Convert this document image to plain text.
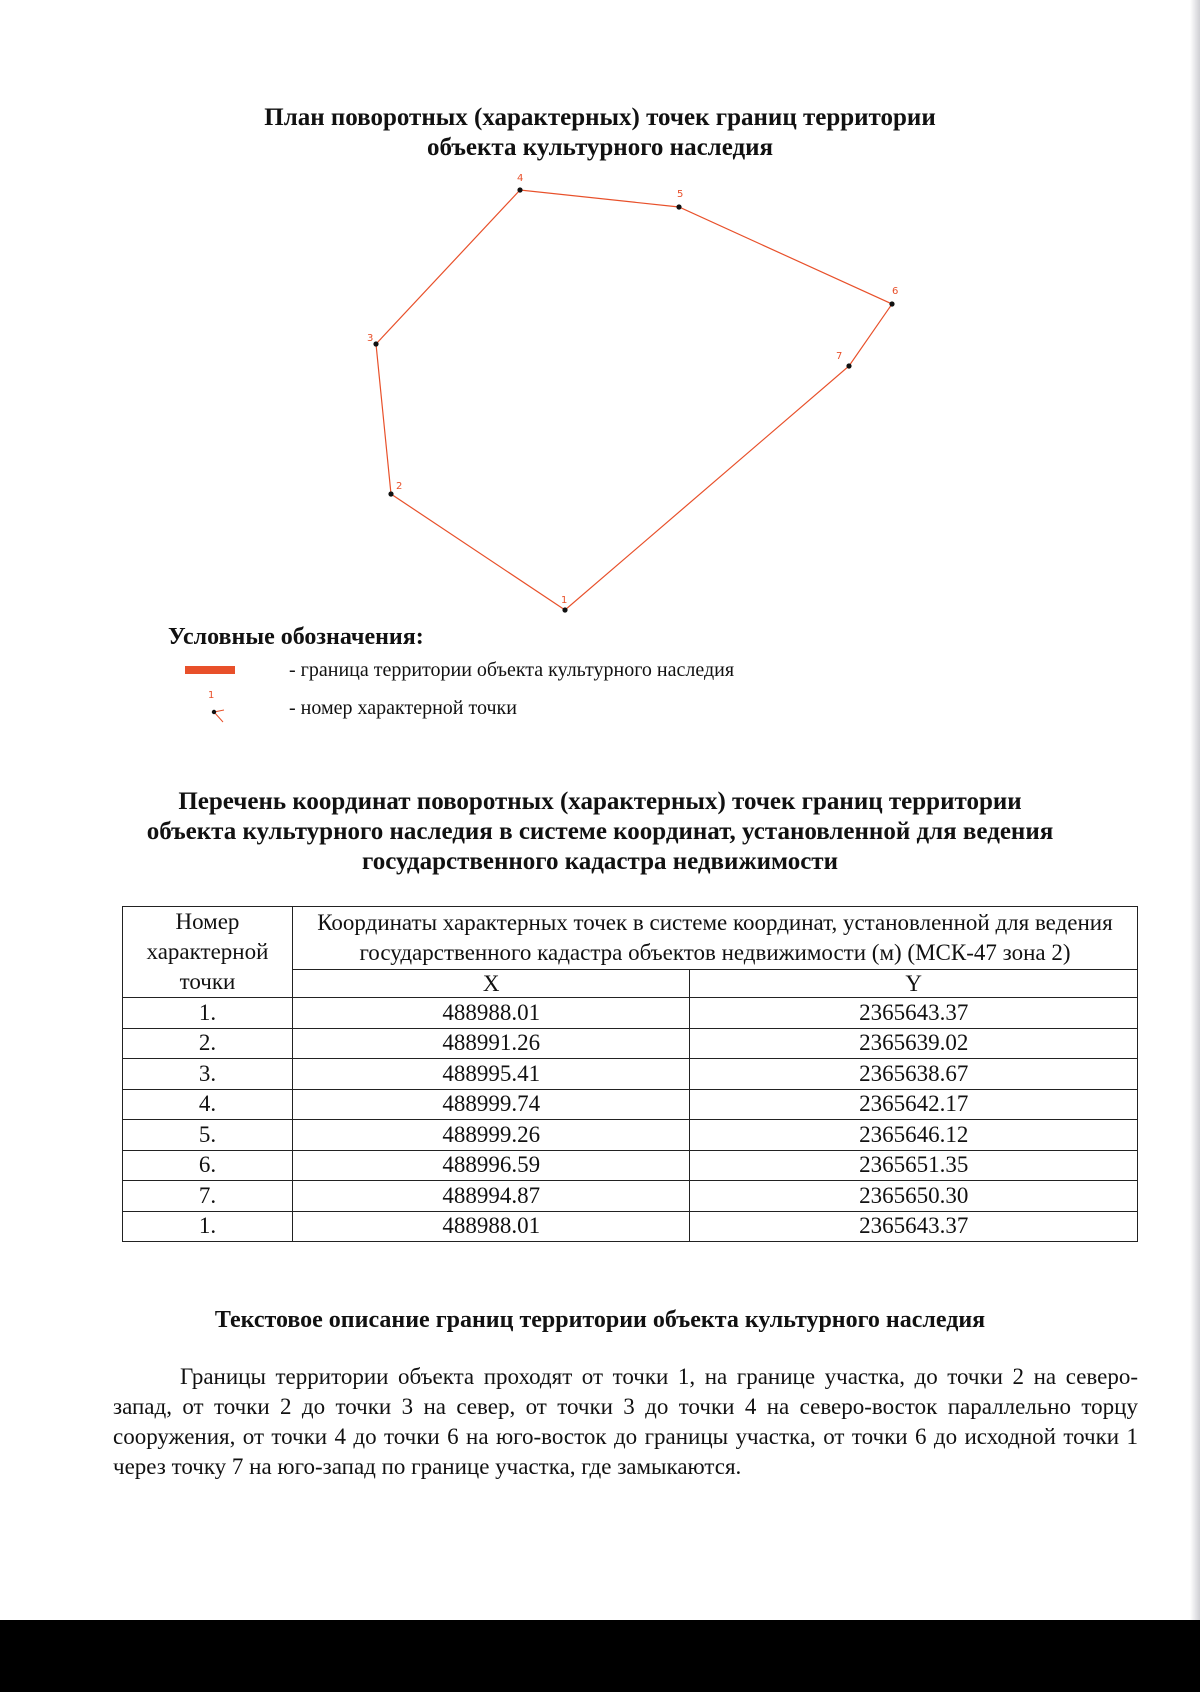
План поворотных (характерных) точек границ территории
объекта культурного наследия
1
2
3
4
5
6
7
Условные обозначения:
- граница территории объекта культурного наследия
1
- номер характерной точки
Перечень координат поворотных (характерных) точек границ территории
объекта культурного наследия в системе координат, установленной для ведения
государственного кадастра недвижимости
Номер характерной точки	Координаты характерных точек в системе координат, установленной для ведения государственного кадастра объектов недвижимости (м) (МСК-47 зона 2)	
	X	Y
1.	488988.01	2365643.37
2.	488991.26	2365639.02
3.	488995.41	2365638.67
4.	488999.74	2365642.17
5.	488999.26	2365646.12
6.	488996.59	2365651.35
7.	488994.87	2365650.30
1.	488988.01	2365643.37
Текстовое описание границ территории объекта культурного наследия

Границы территории объекта проходят от точки 1, на границе участка, до точки 2 на северо-запад, от точки 2 до точки 3 на север, от точки 3 до точки 4 на северо-восток параллельно торцу сооружения, от точки 4 до точки 6 на юго-восток до границы участка, от точки 6 до исходной точки 1 через точку 7 на юго-запад по границе участка, где замыкаются.
